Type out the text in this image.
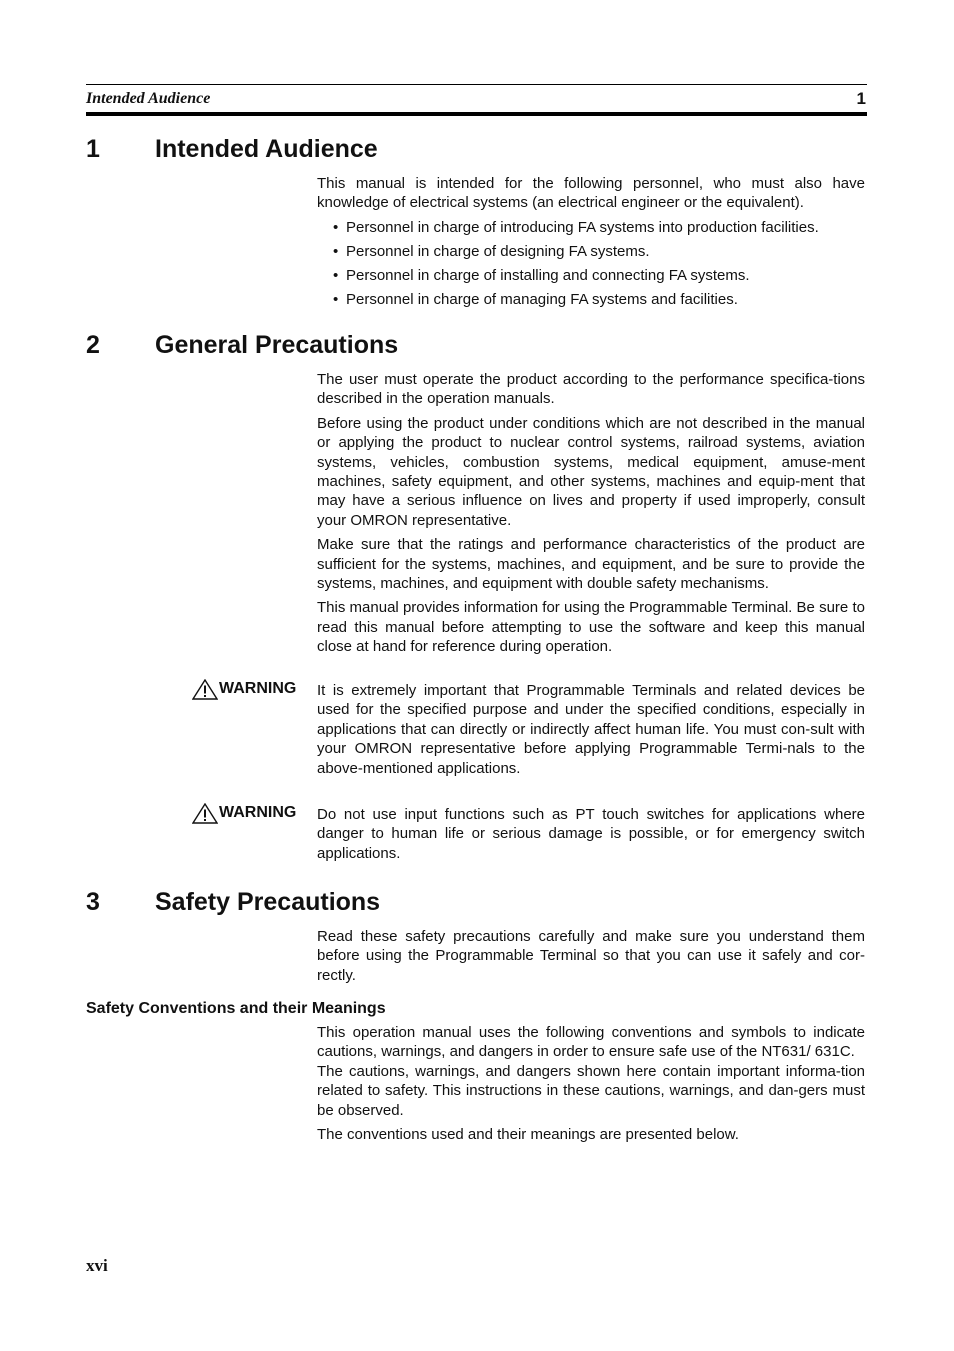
Intended Audience	1
1 Intended Audience

This manual is intended for the following personnel, who must also have knowledge of electrical systems (an electrical engineer or the equivalent).

• Personnel in charge of introducing FA systems into production facilities.
• Personnel in charge of designing FA systems.
• Personnel in charge of installing and connecting FA systems.
• Personnel in charge of managing FA systems and facilities.
2 General Precautions

The user must operate the product according to the performance specifica-tions described in the operation manuals.

Before using the product under conditions which are not described in the manual or applying the product to nuclear control systems, railroad systems, aviation systems, vehicles, combustion systems, medical equipment, amuse-ment machines, safety equipment, and other systems, machines and equip-ment that may have a serious influence on lives and property if used improperly, consult your OMRON representative.

Make sure that the ratings and performance characteristics of the product are sufficient for the systems, machines, and equipment, and be sure to provide the systems, machines, and equipment with double safety mechanisms.

This manual provides information for using the Programmable Terminal. Be sure to read this manual before attempting to use the software and keep this manual close at hand for reference during operation.

WARNING It is extremely important that Programmable Terminals and related devices be used for the specified purpose and under the specified conditions, especially in applications that can directly or indirectly affect human life. You must con-sult with your OMRON representative before applying Programmable Termi-nals to the above-mentioned applications.

WARNING Do not use input functions such as PT touch switches for applications where danger to human life or serious damage is possible, or for emergency switch applications.

3 Safety Precautions

Read these safety precautions carefully and make sure you understand them before using the Programmable Terminal so that you can use it safely and cor-rectly.

Safety Conventions and their Meanings

This operation manual uses the following conventions and symbols to indicate cautions, warnings, and dangers in order to ensure safe use of the NT631/ 631C.

The cautions, warnings, and dangers shown here contain important informa-tion related to safety. This instructions in these cautions, warnings, and dan-gers must be observed.

The conventions used and their meanings are presented below.

xvi
